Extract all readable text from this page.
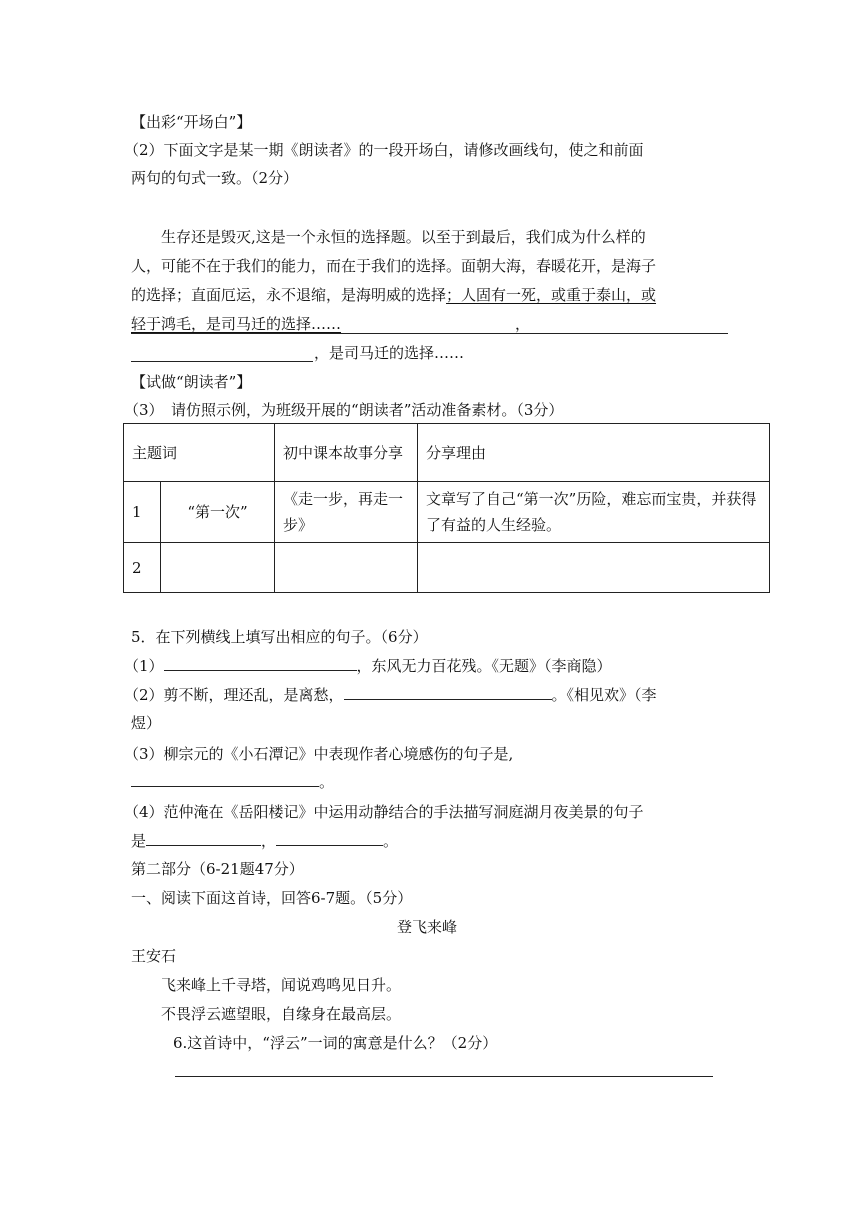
【出彩“开场白”】
（2）下面文字是某一期《朗读者》的一段开场白，请修改画线句，使之和前面
两句的句式一致。（2分）
生存还是毁灭,这是一个永恒的选择题。以至于到最后，我们成为什么样的
人，可能不在于我们的能力，而在于我们的选择。面朝大海，春暖花开，是海子
的选择；直面厄运，永不退缩，是海明威的选择；人固有一死，或重于泰山，或
轻于鸿毛，是司马迁的选择……	，
，是司马迁的选择……
【试做“朗读者”】
（3）　请仿照示例，为班级开展的“朗读者”活动准备素材。（3分）
主题词		初中课本故事分享	分享理由
1	“第一次”	《走一步，再走一步》	文章写了自己“第一次”历险，难忘而宝贵，并获得了有益的人生经验。
2			
5．在下列横线上填写出相应的句子。（6分）
（1）	，东风无力百花残。《无题》（李商隐）
（2）剪不断，理还乱，是离愁，	。《相见欢》（李
煜）
（3）柳宗元的《小石潭记》中表现作者心境感伤的句子是,
。
（4）范仲淹在《岳阳楼记》中运用动静结合的手法描写洞庭湖月夜美景的句子
是	，	。
第二部分（6-21题47分）
一、阅读下面这首诗，回答6-7题。（5分）
登飞来峰
王安石
飞来峰上千寻塔，闻说鸡鸣见日升。
不畏浮云遮望眼，自缘身在最高层。
6.这首诗中，“浮云”一词的寓意是什么？（2分）
